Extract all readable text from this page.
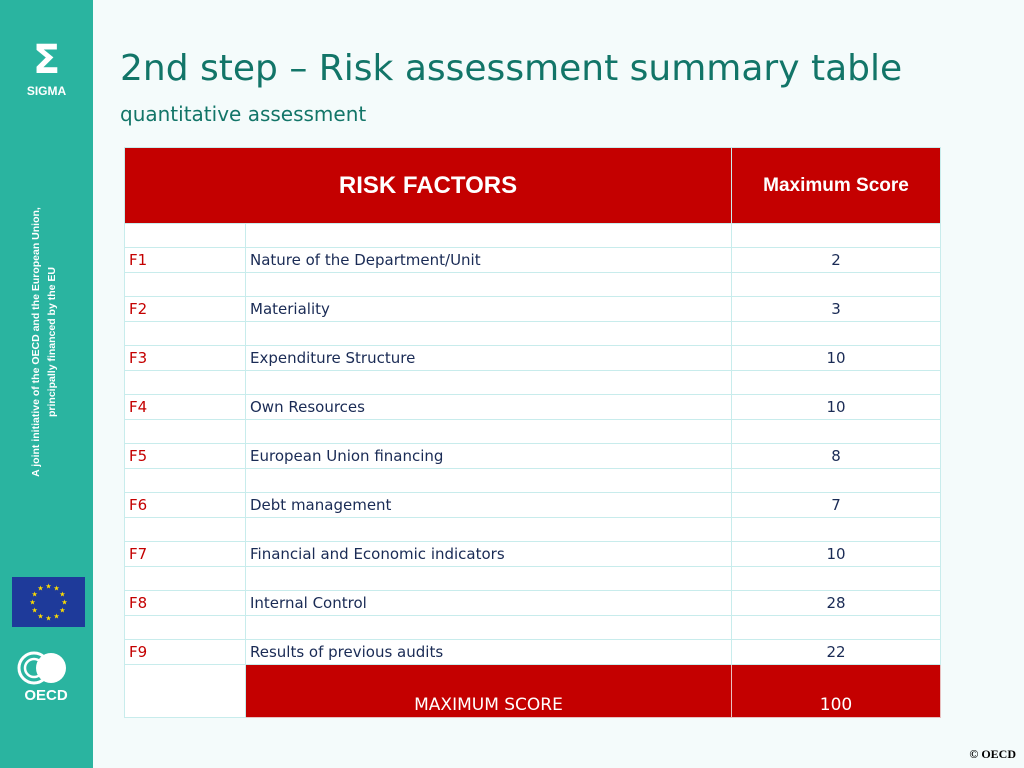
Σ
SIGMA
A joint initiative of the OECD and the European Union, principally financed by the EU
★
★
★
★
★
★
★
★
★ ★ ★
★
OECD
2nd step – Risk assessment summary table
quantitative assessment
RISK FACTORS		Maximum Score

F1	Nature of the Department/Unit	2

F2	Materiality	3

F3	Expenditure Structure	10

F4	Own Resources	10

F5	European Union financing	8

F6	Debt management	7

F7	Financial and Economic indicators	10

F8	Internal Control	28

F9	Results of previous audits	22
	MAXIMUM SCORE	100
© OECD
